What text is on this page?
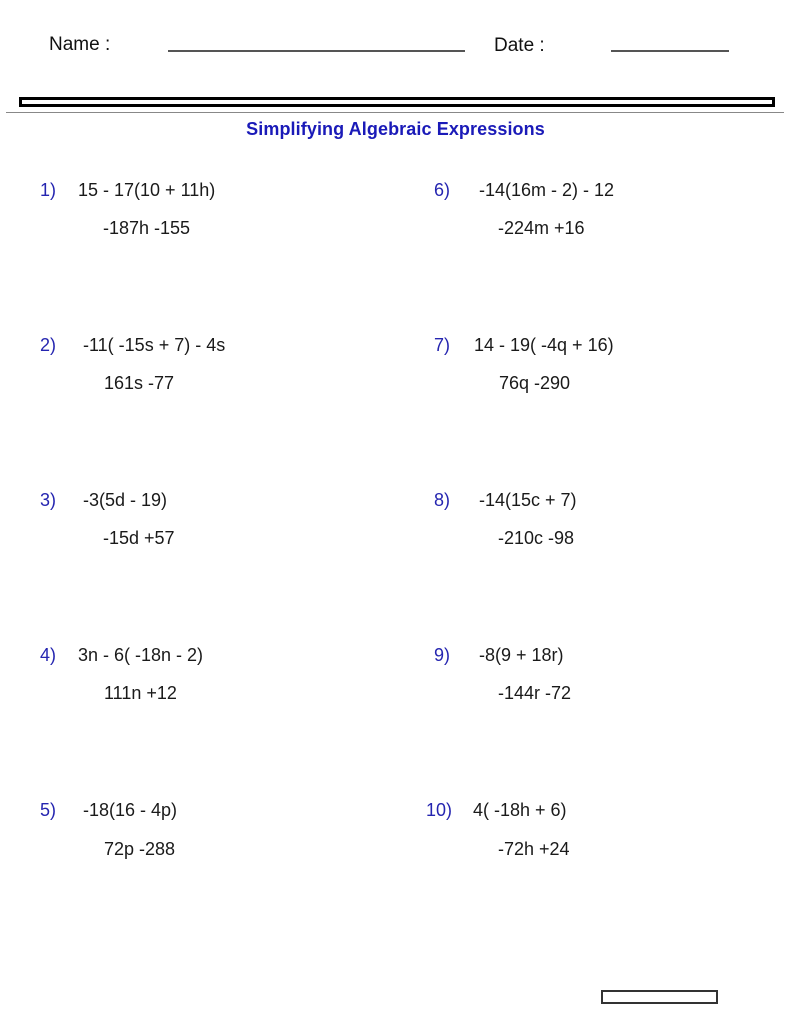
Name :	Date :
Simplifying Algebraic Expressions
1) 15 - 17(10 + 11h)
-187h -155
2) -11( -15s + 7) - 4s
161s -77
3) -3(5d - 19)
-15d +57
4) 3n - 6( -18n - 2)
111n +12
5) -18(16 - 4p)
72p -288
6) -14(16m - 2) - 12
-224m +16
7) 14 - 19( -4q + 16)
76q -290
8) -14(15c + 7)
-210c -98
9) -8(9 + 18r)
-144r -72
10) 4( -18h + 6)
-72h +24
